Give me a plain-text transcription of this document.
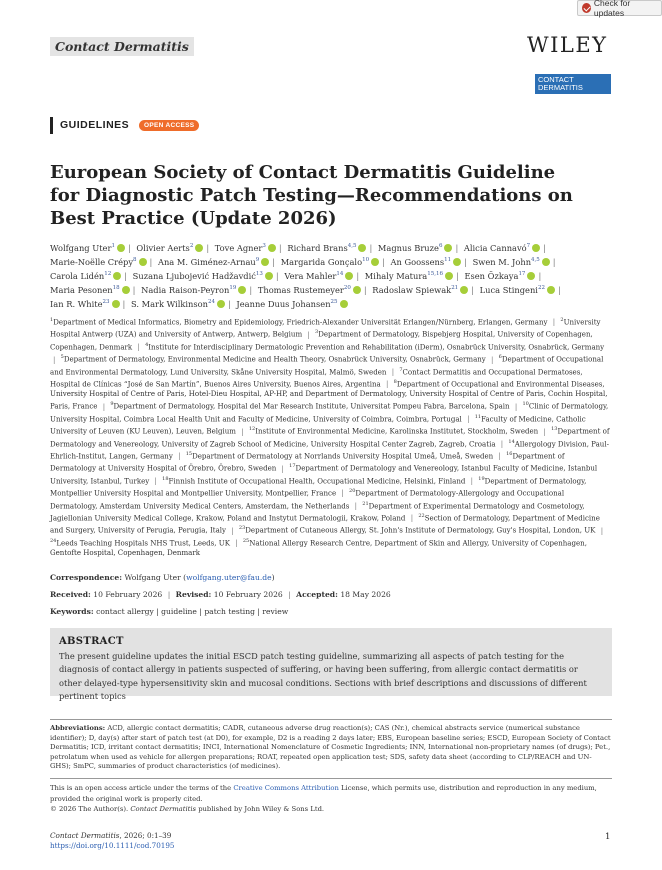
Check for updates
Contact Dermatitis	WILEY
CONTACT
DERMATITIS
GUIDELINES	OPEN ACCESS
European Society of Contact Dermatitis Guideline for Diagnostic Patch Testing—Recommendations on Best Practice (Update 2026)
Wolfgang Uter$^1$ | Olivier Aerts$^2$ | Tove Agner$^3$ | Richard Brans$^{4,5}$ | Magnus Bruze$^6$ | Alicia Cannavó$^7$ | Marie-Noëlle Crépy$^8$ | Ana M. Giménez-Arnau$^9$ | Margarida Gonçalo$^{10}$ | An Goossens$^{11}$ | Swen M. John$^{4,5}$ | Carola Lidén$^{12}$ | Suzana Ljubojević Hadžavdić$^{13}$ | Vera Mahler$^{14}$ | Mihaly Matura$^{15,16}$ | Esen Özkaya$^{17}$ | Maria Pesonen$^{18}$ | Nadia Raison-Peyron$^{19}$ | Thomas Rustemeyer$^{20}$ | Radoslaw Spiewak$^{21}$ | Luca Stingeni$^{22}$ | Ian R. White$^{23}$ | S. Mark Wilkinson$^{24}$ | Jeanne Duus Johansen$^{25}$
$^1$Department of Medical Informatics, Biometry and Epidemiology, Friedrich-Alexander Universität Erlangen/Nürnberg, Erlangen, Germany | $^2$University Hospital Antwerp (UZA) and University of Antwerp, Antwerp, Belgium | $^3$Department of Dermatology, Bispebjerg Hospital, University of Copenhagen, Copenhagen, Denmark | $^4$Institute for Interdisciplinary Dermatologic Prevention and Rehabilitation (iDerm), Osnabrück University, Osnabrück, Germany | $^5$Department of Dermatology, Environmental Medicine and Health Theory, Osnabrück University, Osnabrück, Germany | $^6$Department of Occupational and Environmental Dermatology, Lund University, Skåne University Hospital, Malmö, Sweden | $^7$Contact Dermatitis and Occupational Dermatoses, Hospital de Clínicas “José de San Martín”, Buenos Aires University, Buenos Aires, Argentina | $^8$Department of Occupational and Environmental Diseases, University Hospital of Centre of Paris, Hotel-Dieu Hospital, AP-HP, and Department of Dermatology, University Hospital of Centre of Paris, Cochin Hospital, Paris, France | $^9$Department of Dermatology, Hospital del Mar Research Institute, Universitat Pompeu Fabra, Barcelona, Spain | $^{10}$Clinic of Dermatology, University Hospital, Coimbra Local Health Unit and Faculty of Medicine, University of Coimbra, Coimbra, Portugal | $^{11}$Faculty of Medicine, Catholic University of Leuven (KU Leuven), Leuven, Belgium | $^{12}$Institute of Environmental Medicine, Karolinska Institutet, Stockholm, Sweden | $^{13}$Department of Dermatology and Venereology, University of Zagreb School of Medicine, University Hospital Center Zagreb, Zagreb, Croatia | $^{14}$Allergology Division, Paul-Ehrlich-Institut, Langen, Germany | $^{15}$Department of Dermatology at Norrlands University Hospital Umeå, Umeå, Sweden | $^{16}$Department of Dermatology at University Hospital of Örebro, Örebro, Sweden | $^{17}$Department of Dermatology and Venereology, Istanbul Faculty of Medicine, Istanbul University, Istanbul, Turkey | $^{18}$Finnish Institute of Occupational Health, Occupational Medicine, Helsinki, Finland | $^{19}$Department of Dermatology, Montpellier University Hospital and Montpellier University, Montpellier, France | $^{20}$Department of Dermatology-Allergology and Occupational Dermatology, Amsterdam University Medical Centers, Amsterdam, the Netherlands | $^{21}$Department of Experimental Dermatology and Cosmetology, Jagiellonian University Medical College, Krakow, Poland and Instytut Dermatologii, Krakow, Poland | $^{22}$Section of Dermatology, Department of Medicine and Surgery, University of Perugia, Perugia, Italy | $^{23}$Department of Cutaneous Allergy, St. John's Institute of Dermatology, Guy's Hospital, London, UK | $^{24}$Leeds Teaching Hospitals NHS Trust, Leeds, UK | $^{25}$National Allergy Research Centre, Department of Skin and Allergy, University of Copenhagen, Gentofte Hospital, Copenhagen, Denmark
Correspondence: Wolfgang Uter (wolfgang.uter@fau.de)
Received: 10 February 2026 | Revised: 10 February 2026 | Accepted: 18 May 2026
Keywords: contact allergy | guideline | patch testing | review
ABSTRACT
The present guideline updates the initial ESCD patch testing guideline, summarizing all aspects of patch testing for the diagnosis of contact allergy in patients suspected of suffering, or having been suffering, from allergic contact dermatitis or other delayed-type hypersensitivity skin and mucosal conditions. Sections with brief descriptions and discussions of different pertinent topics
Abbreviations: ACD, allergic contact dermatitis; CADR, cutaneous adverse drug reaction(s); CAS (Nr.), chemical abstracts service (numerical substance identifier); D, day(s) after start of patch test (at D0), for example, D2 is a reading 2 days later; EBS, European baseline series; ESCD, European Society of Contact Dermatitis; ICD, irritant contact dermatitis; INCI, International Nomenclature of Cosmetic Ingredients; INN, International non-proprietary names (of drugs); Pet., petrolatum when used as vehicle for allergen preparations; ROAT, repeated open application test; SDS, safety data sheet (according to CLP/REACH and UN-GHS); SmPC, summaries of product characteristics (of medicines).
This is an open access article under the terms of the Creative Commons Attribution License, which permits use, distribution and reproduction in any medium, provided the original work is properly cited.
© 2026 The Author(s). Contact Dermatitis published by John Wiley & Sons Ltd.
Contact Dermatitis, 2026; 0:1–39
https://doi.org/10.1111/cod.70195
1
